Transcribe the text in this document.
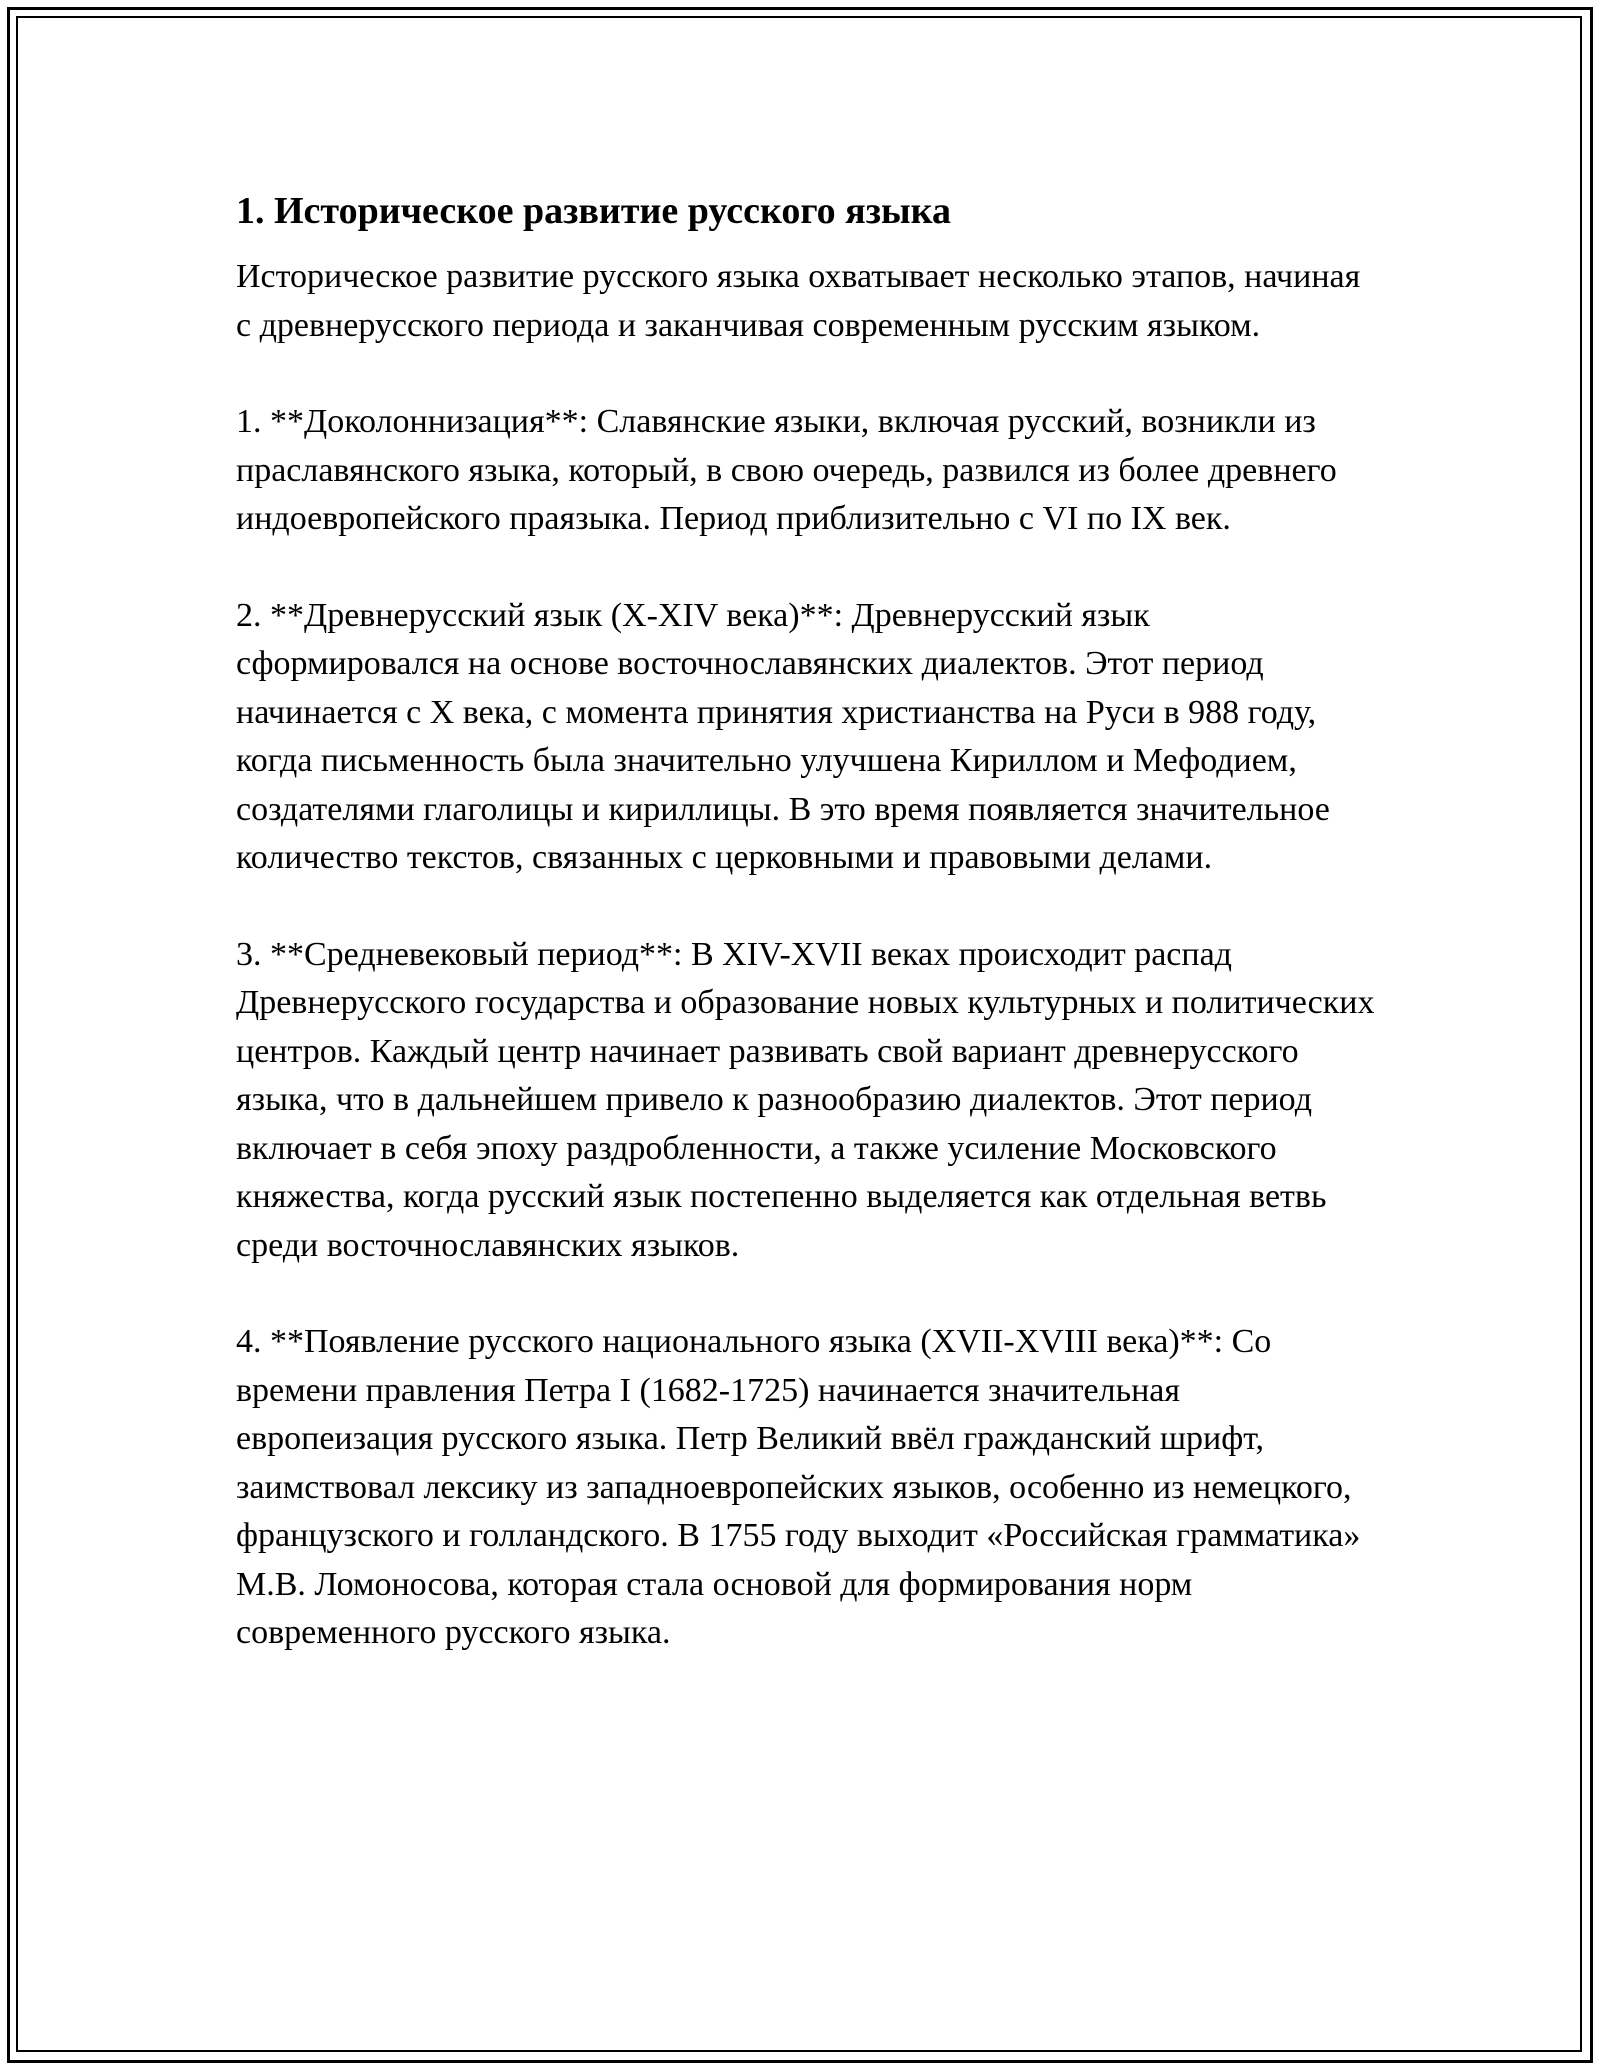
1. Историческое развитие русского языка

Историческое развитие русского языка охватывает несколько этапов, начиная с древнерусского периода и заканчивая современным русским языком.

1. **Доколоннизация**: Славянские языки, включая русский, возникли из праславянского языка, который, в свою очередь, развился из более древнего индоевропейского праязыка. Период приблизительно с VI по IX век.

2. **Древнерусский язык (X-XIV века)**: Древнерусский язык сформировался на основе восточнославянских диалектов. Этот период начинается с X века, с момента принятия христианства на Руси в 988 году, когда письменность была значительно улучшена Кириллом и Мефодием, создателями глаголицы и кириллицы. В это время появляется значительное количество текстов, связанных с церковными и правовыми делами.

3. **Средневековый период**: В XIV-XVII веках происходит распад Древнерусского государства и образование новых культурных и политических центров. Каждый центр начинает развивать свой вариант древнерусского языка, что в дальнейшем привело к разнообразию диалектов. Этот период включает в себя эпоху раздробленности, а также усиление Московского княжества, когда русский язык постепенно выделяется как отдельная ветвь среди восточнославянских языков.

4. **Появление русского национального языка (XVII-XVIII века)**: Со времени правления Петра I (1682-1725) начинается значительная европеизация русского языка. Петр Великий ввёл гражданский шрифт, заимствовал лексику из западноевропейских языков, особенно из немецкого, французского и голландского. В 1755 году выходит «Российская грамматика» М.В. Ломоносова, которая стала основой для формирования норм современного русского языка.
